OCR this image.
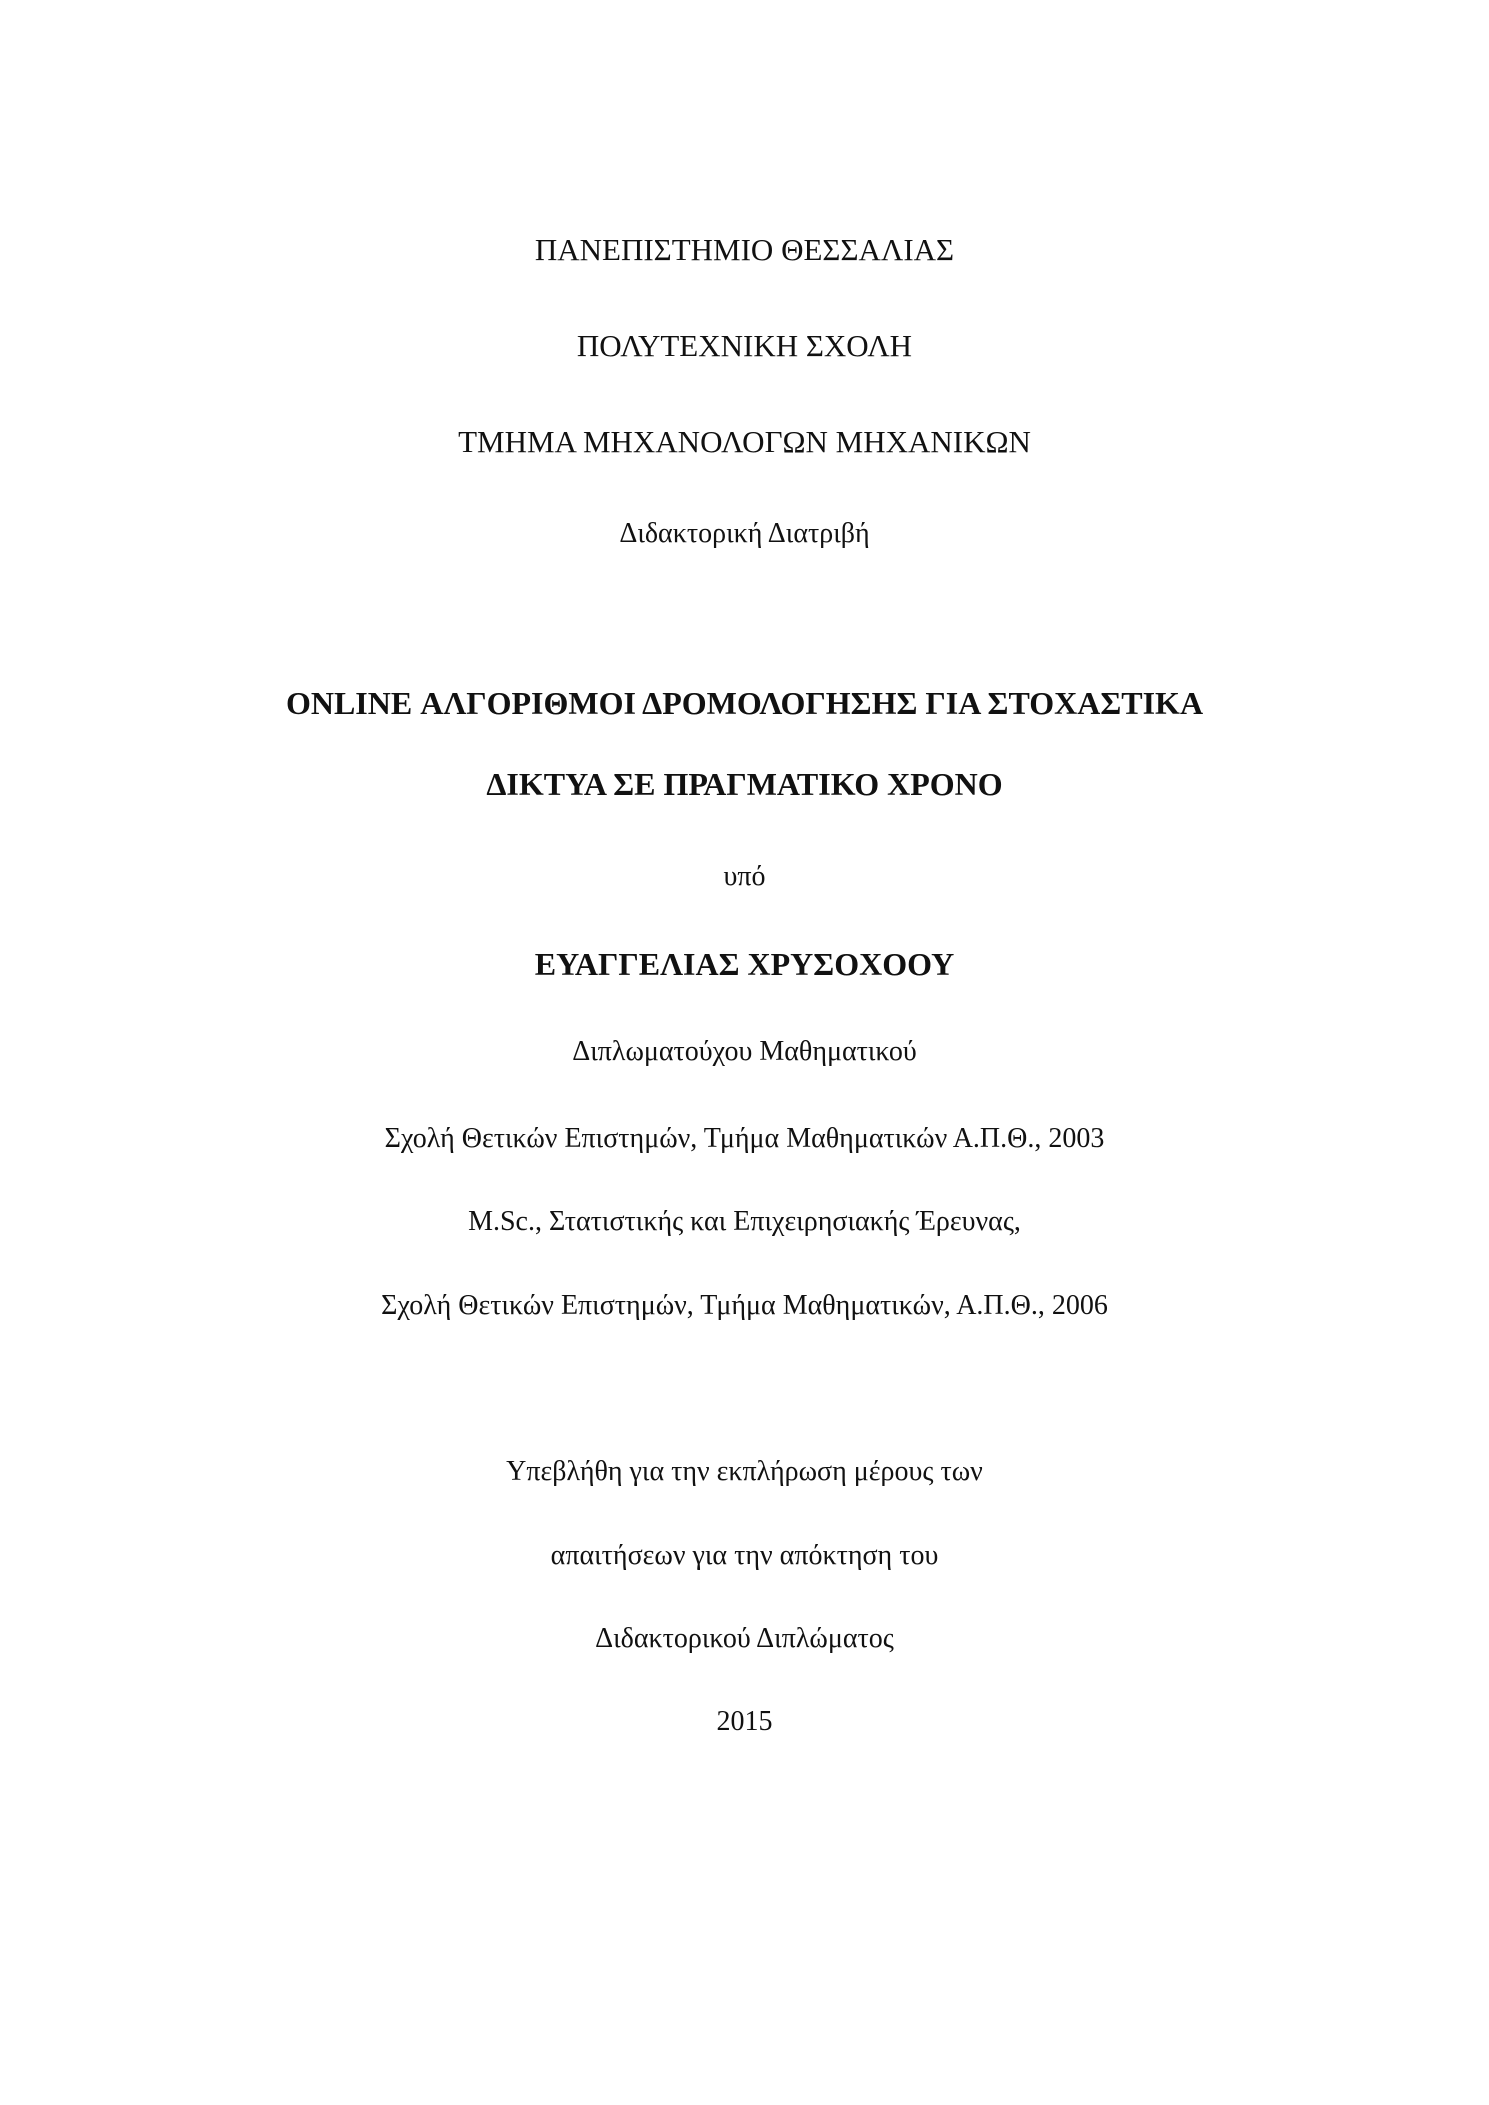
ΠΑΝΕΠΙΣΤΗΜΙΟ ΘΕΣΣΑΛΙΑΣ
ΠΟΛΥΤΕΧΝΙΚΗ ΣΧΟΛΗ
ΤΜΗΜΑ ΜΗΧΑΝΟΛΟΓΩΝ ΜΗΧΑΝΙΚΩΝ
Διδακτορική Διατριβή
ONLINE ΑΛΓΟΡΙΘΜΟΙ ΔΡΟΜΟΛΟΓΗΣΗΣ ΓΙΑ ΣΤΟΧΑΣΤΙΚΑ
ΔΙΚΤΥΑ ΣΕ ΠΡΑΓΜΑΤΙΚΟ ΧΡΟΝΟ
υπό
ΕΥΑΓΓΕΛΙΑΣ ΧΡΥΣΟΧΟΟΥ
Διπλωματούχου Μαθηματικού
Σχολή Θετικών Επιστημών, Τμήμα Μαθηματικών Α.Π.Θ., 2003
M.Sc., Στατιστικής και Επιχειρησιακής Έρευνας,
Σχολή Θετικών Επιστημών, Τμήμα Μαθηματικών, Α.Π.Θ., 2006
Υπεβλήθη για την εκπλήρωση μέρους των
απαιτήσεων για την απόκτηση του
Διδακτορικού Διπλώματος
2015
